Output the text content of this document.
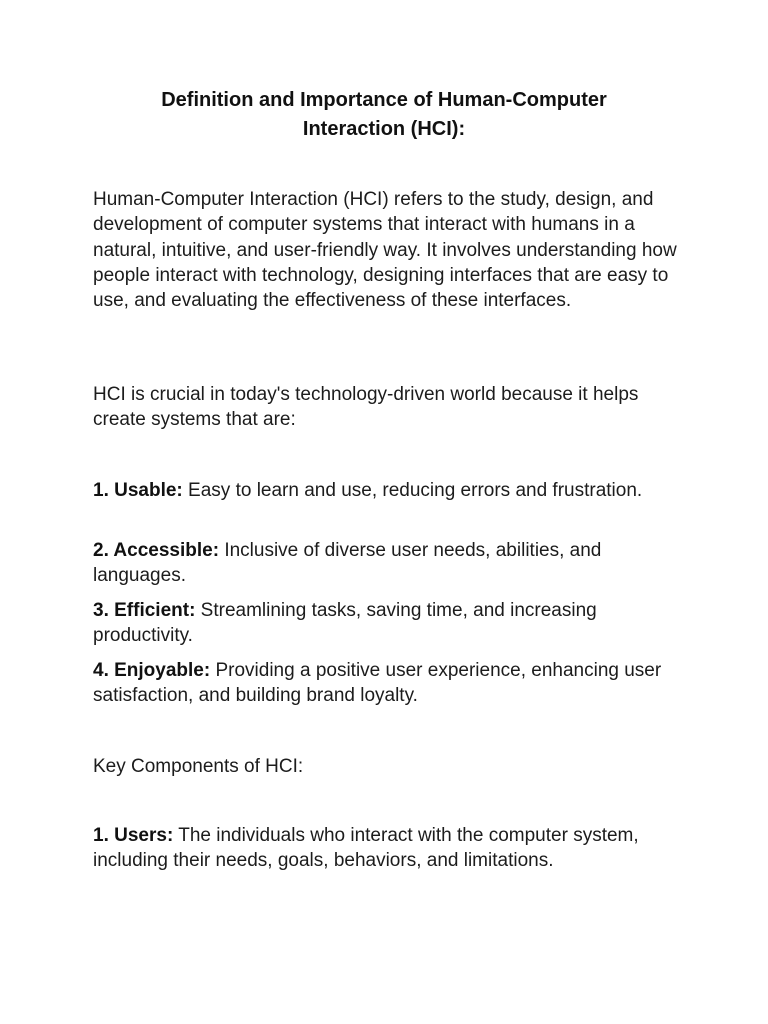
Definition and Importance of Human-Computer Interaction (HCI):

Human-Computer Interaction (HCI) refers to the study, design, and development of computer systems that interact with humans in a natural, intuitive, and user-friendly way. It involves understanding how people interact with technology, designing interfaces that are easy to use, and evaluating the effectiveness of these interfaces.

HCI is crucial in today's technology-driven world because it helps create systems that are:

1. Usable: Easy to learn and use, reducing errors and frustration.

2. Accessible: Inclusive of diverse user needs, abilities, and languages.

3. Efficient: Streamlining tasks, saving time, and increasing productivity.

4. Enjoyable: Providing a positive user experience, enhancing user satisfaction, and building brand loyalty.

Key Components of HCI:

1. Users: The individuals who interact with the computer system, including their needs, goals, behaviors, and limitations.
